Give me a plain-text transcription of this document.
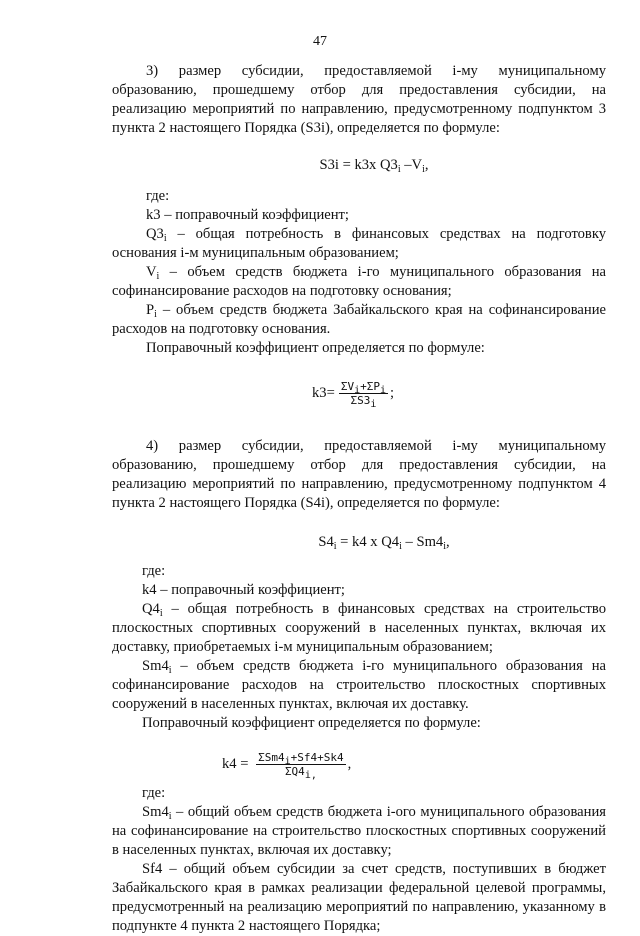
47

3) размер субсидии, предоставляемой i-му муниципальному образованию, прошедшему отбор для предоставления субсидии, на реализацию мероприятий по направлению, предусмотренному подпунктом 3 пункта 2 настоящего Порядка (S3i), определяется по формуле:

S3i = k3x $Q3_i$ $-V_i$,

где:

k3 – поправочный коэффициент;

$Q3_i$ – общая потребность в финансовых средствах на подготовку основания i-м муниципальным образованием;

$V_i$ – объем средств бюджета i-го муниципального образования на софинансирование расходов на подготовку основания;

$P_i$ – объем средств бюджета Забайкальского края на софинансирование расходов на подготовку основания.

Поправочный коэффициент определяется по формуле:

$k3= \frac{\Sigma V_i+\Sigma P_i}{\Sigma S3_i}$ ;

4) размер субсидии, предоставляемой i-му муниципальному образованию, прошедшему отбор для предоставления субсидии, на реализацию мероприятий по направлению, предусмотренному подпунктом 4 пункта 2 настоящего Порядка (S4i), определяется по формуле:

$S4_i = k4$ x $Q4_i - Sm4_i$,

где:

k4 – поправочный коэффициент;

$Q4_i$ – общая потребность в финансовых средствах на строительство плоскостных спортивных сооружений в населенных пунктах, включая их доставку, приобретаемых i-м муниципальным образованием;

$Sm4_i$ – объем средств бюджета i-го муниципального образования на софинансирование расходов на строительство плоскостных спортивных сооружений в населенных пунктах, включая их доставку.

Поправочный коэффициент определяется по формуле:

$k4 = \frac{\Sigma Sm4_i+Sf4+Sk4}{\Sigma Q4_{i,}}$ ,

где:

$Sm4_i$ – общий объем средств бюджета i-ого муниципального образования на софинансирование на строительство плоскостных спортивных сооружений в населенных пунктах, включая их доставку;

Sf4 – общий объем субсидии за счет средств, поступивших в бюджет Забайкальского края в рамках реализации федеральной целевой программы, предусмотренный на реализацию мероприятий по направлению, указанному в подпункте 4 пункта 2 настоящего Порядка;
